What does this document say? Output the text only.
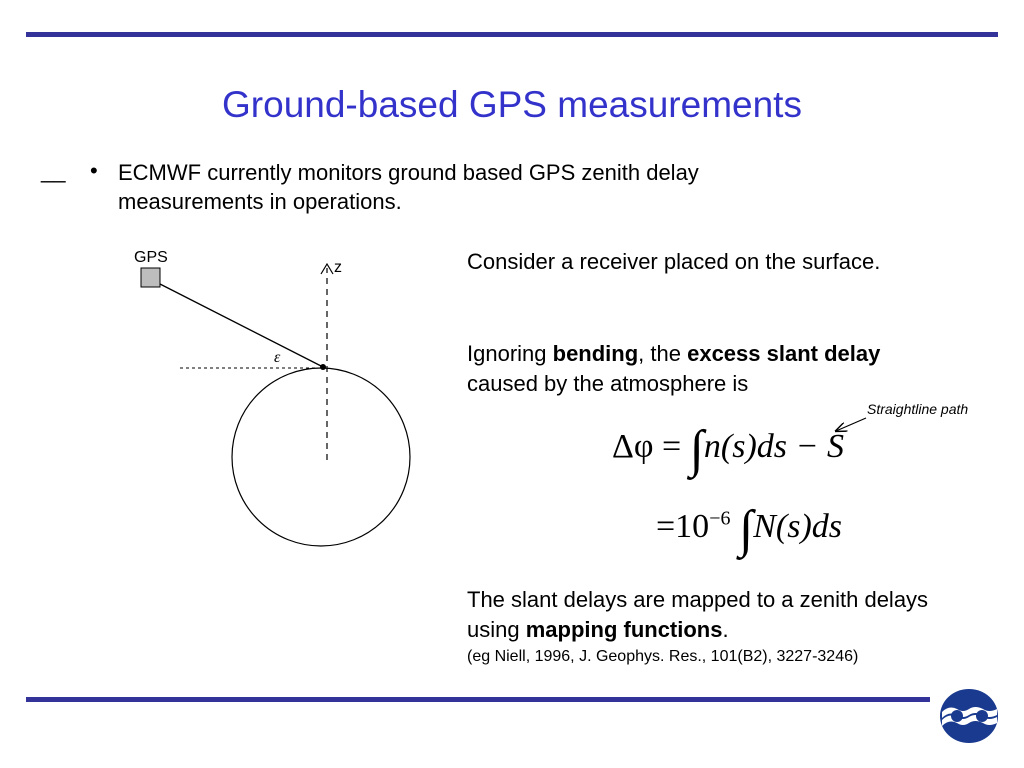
Ground-based GPS measurements
__ • ECMWF currently monitors ground based GPS zenith delay measurements in operations.
GPS
z
ε
Consider a receiver placed on the surface.
Ignoring bending, the excess slant delay caused by the atmosphere is
Straightline path
Δφ = ∫n(s)ds − S
$=10^{-6}$ ∫N(s)ds
The slant delays are mapped to a zenith delays using mapping functions.
(eg Niell, 1996, J. Geophys. Res., 101(B2), 3227-3246)
